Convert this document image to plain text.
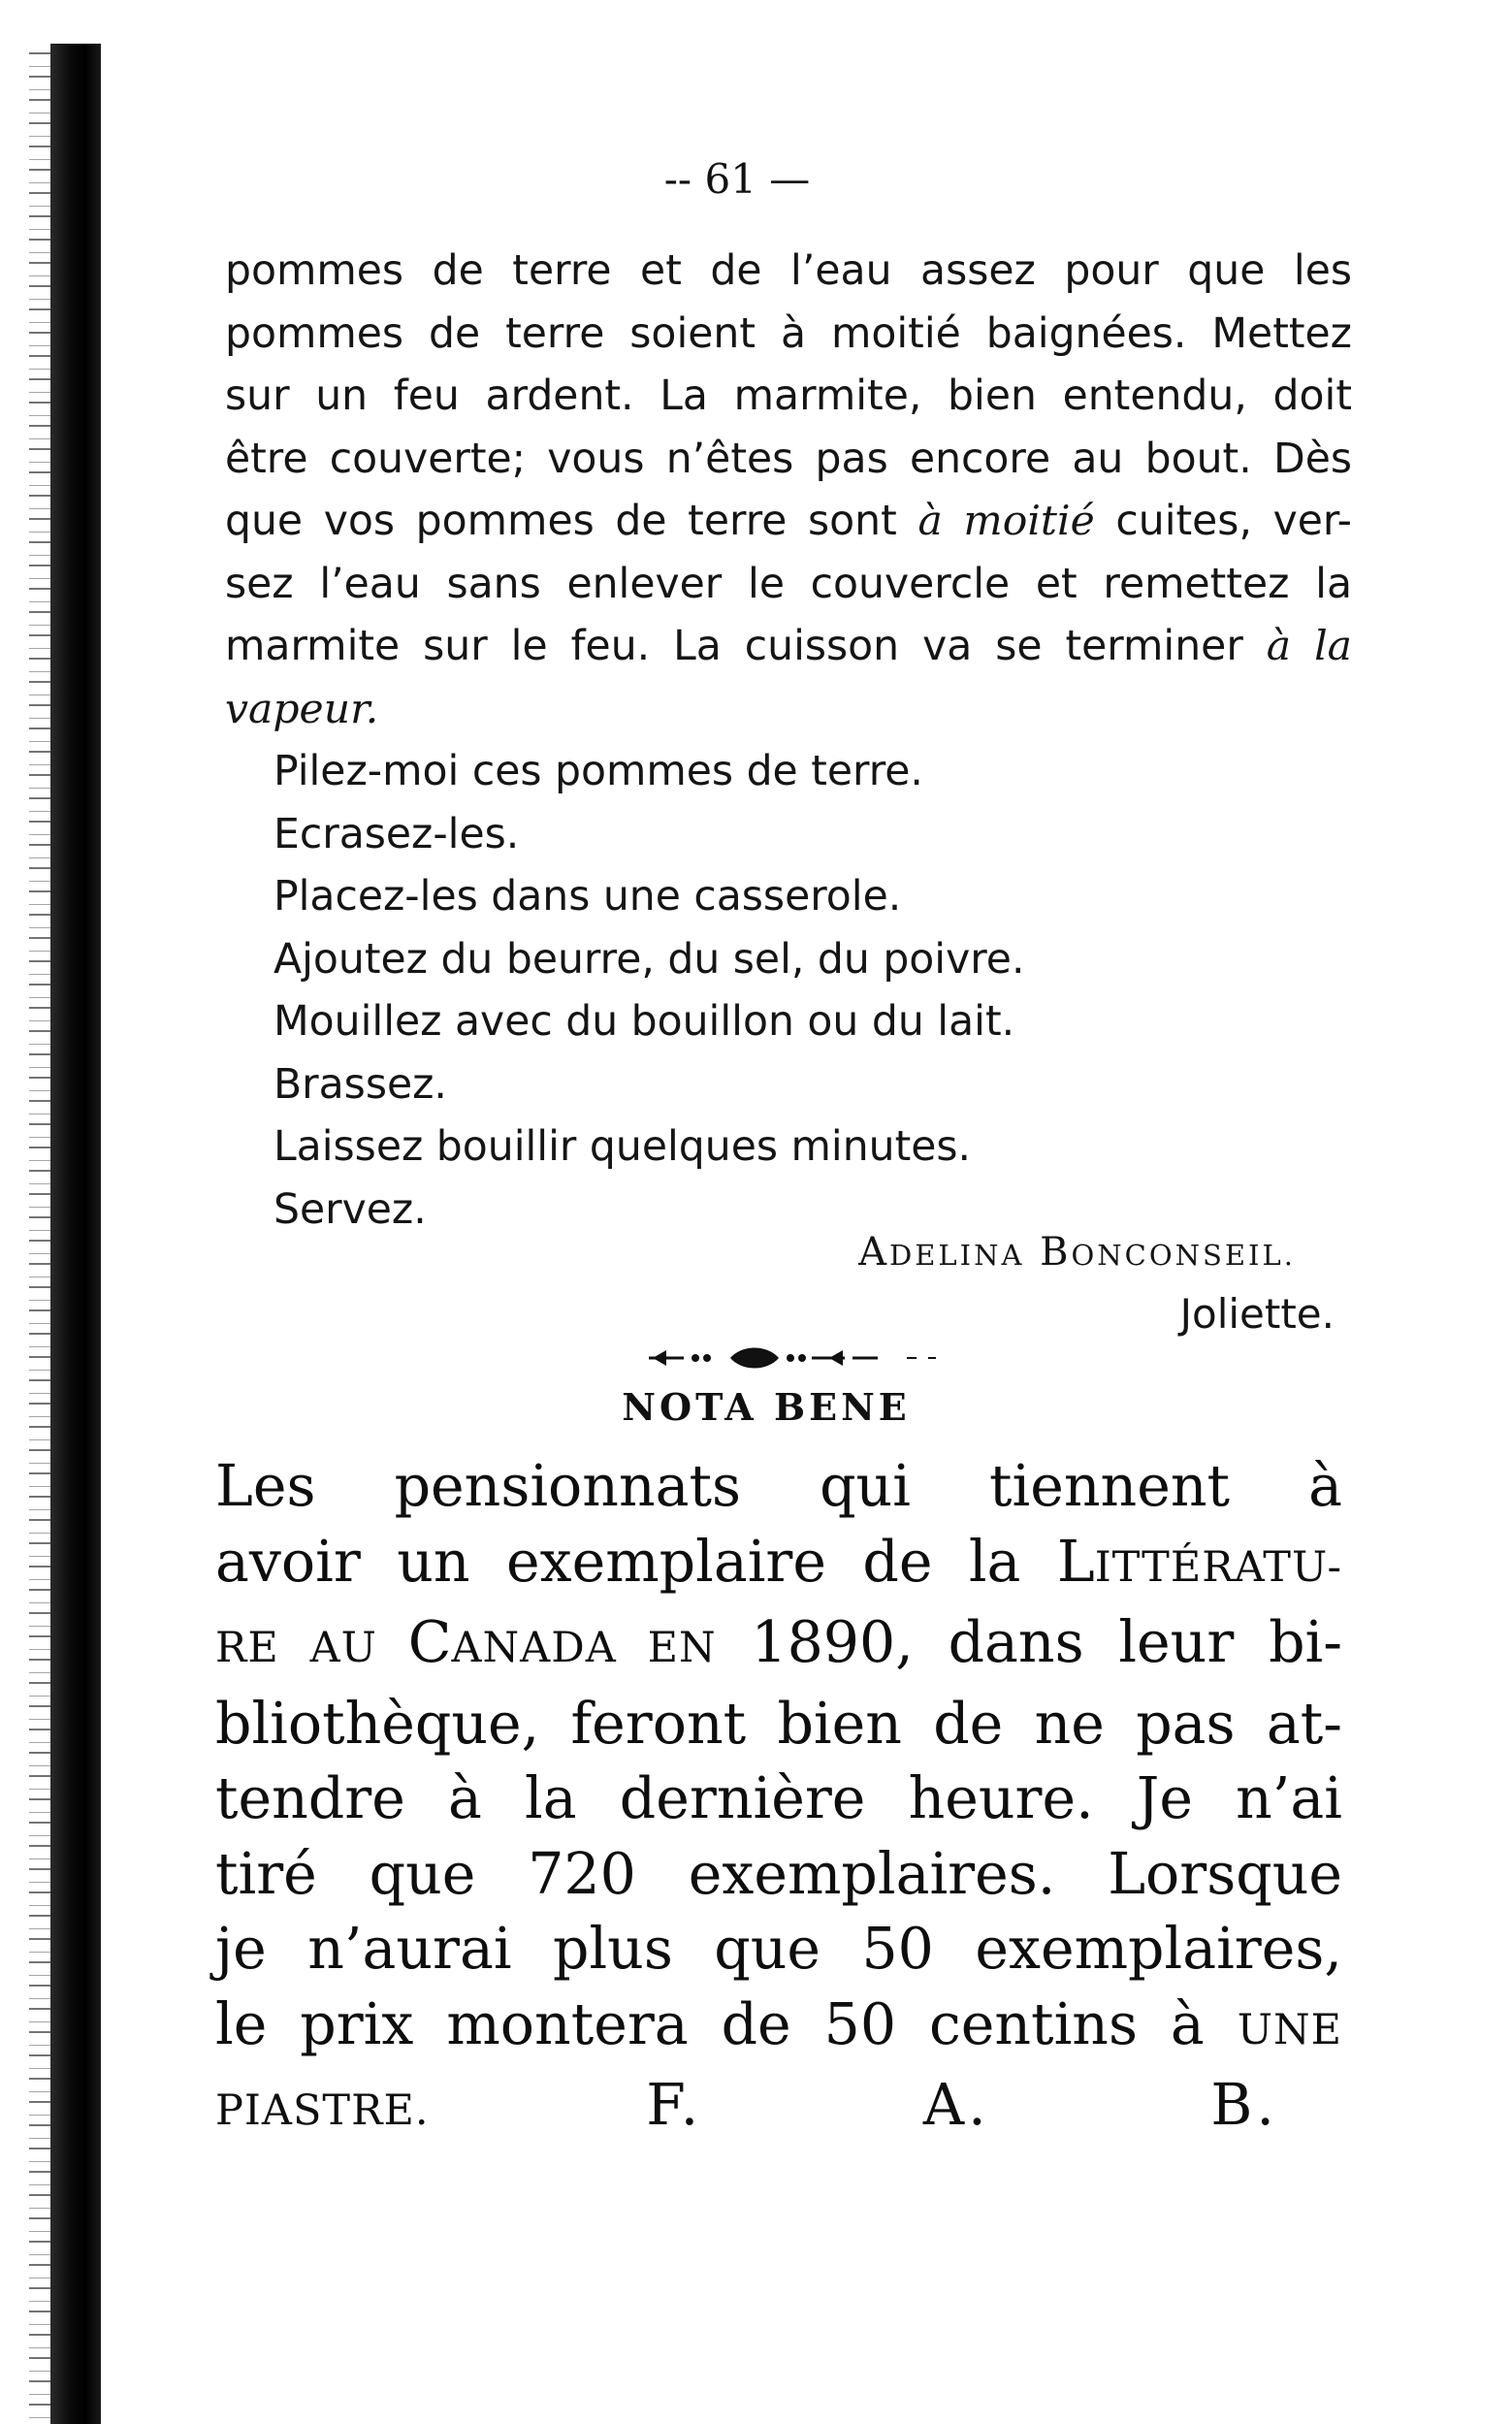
-- 61 —
pommes de terre et de l’eau assez pour que les
pommes de terre soient à moitié baignées. Mettez
sur un feu ardent. La marmite, bien entendu, doit
être couverte; vous n’êtes pas encore au bout. Dès
que vos pommes de terre sont à moitié cuites, ver-
sez l’eau sans enlever le couvercle et remettez la
marmite sur le feu. La cuisson va se terminer à la
vapeur.
Pilez-moi ces pommes de terre.
Ecrasez-les.
Placez-les dans une casserole.
Ajoutez du beurre, du sel, du poivre.
Mouillez avec du bouillon ou du lait.
Brassez.
Laissez bouillir quelques minutes.
Servez.
ADELINA BONCONSEIL.
Joliette.
NOTA BENE
Les pensionnats qui tiennent à
avoir un exemplaire de la LITTÉRATU-
RE AU CANADA EN 1890, dans leur bi-
bliothèque, feront bien de ne pas at-
tendre à la dernière heure. Je n’ai
tiré que 720 exemplaires. Lorsque
je n’aurai plus que 50 exemplaires,
le prix montera de 50 centins à UNE
PIASTRE.	F. A. B.
